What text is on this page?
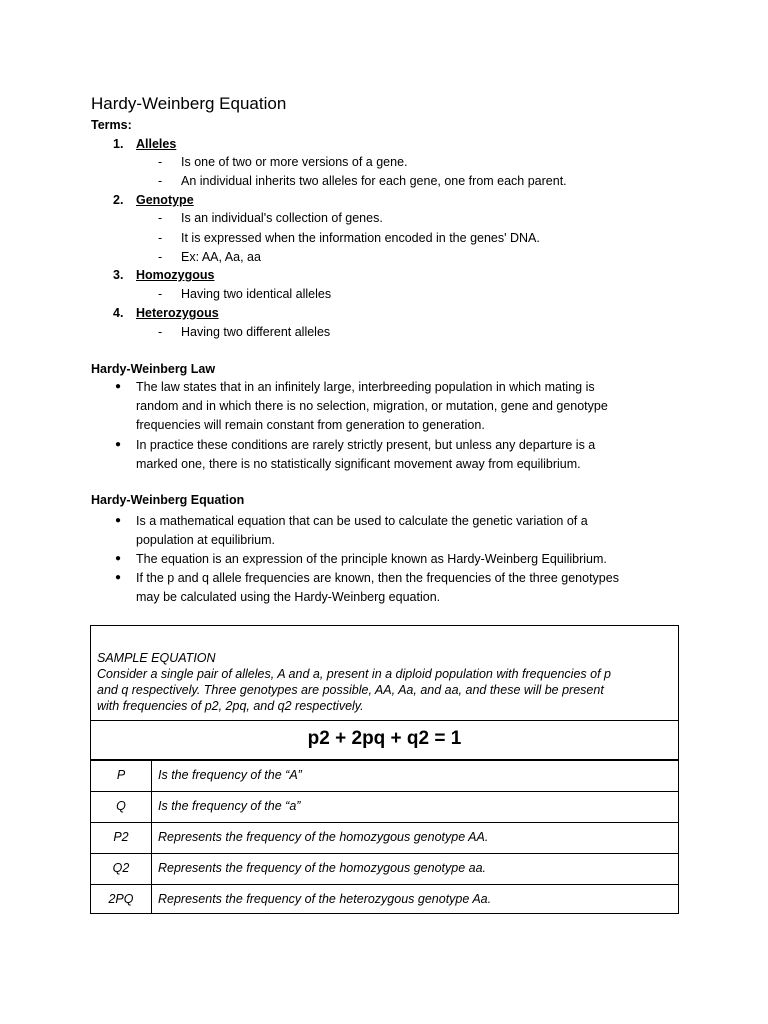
Hardy-Weinberg Equation
Terms:
1. Alleles
- Is one of two or more versions of a gene.
- An individual inherits two alleles for each gene, one from each parent.
2. Genotype
- Is an individual's collection of genes.
- It is expressed when the information encoded in the genes' DNA.
- Ex: AA, Aa, aa
3. Homozygous
- Having two identical alleles
4. Heterozygous
- Having two different alleles
Hardy-Weinberg Law
● The law states that in an infinitely large, interbreeding population in which mating is
random and in which there is no selection, migration, or mutation, gene and genotype
frequencies will remain constant from generation to generation.
● In practice these conditions are rarely strictly present, but unless any departure is a
marked one, there is no statistically significant movement away from equilibrium.
Hardy-Weinberg Equation
● Is a mathematical equation that can be used to calculate the genetic variation of a
population at equilibrium.
● The equation is an expression of the principle known as Hardy-Weinberg Equilibrium.
● If the p and q allele frequencies are known, then the frequencies of the three genotypes
may be calculated using the Hardy-Weinberg equation.
SAMPLE EQUATION
Consider a single pair of alleles, A and a, present in a diploid population with frequencies of p
and q respectively. Three genotypes are possible, AA, Aa, and aa, and these will be present
with frequencies of p2, 2pq, and q2 respectively.
p2 + 2pq + q2 = 1
P	Is the frequency of the “A”
Q	Is the frequency of the “a”
P2	Represents the frequency of the homozygous genotype AA.
Q2	Represents the frequency of the homozygous genotype aa.
2PQ	Represents the frequency of the heterozygous genotype Aa.
